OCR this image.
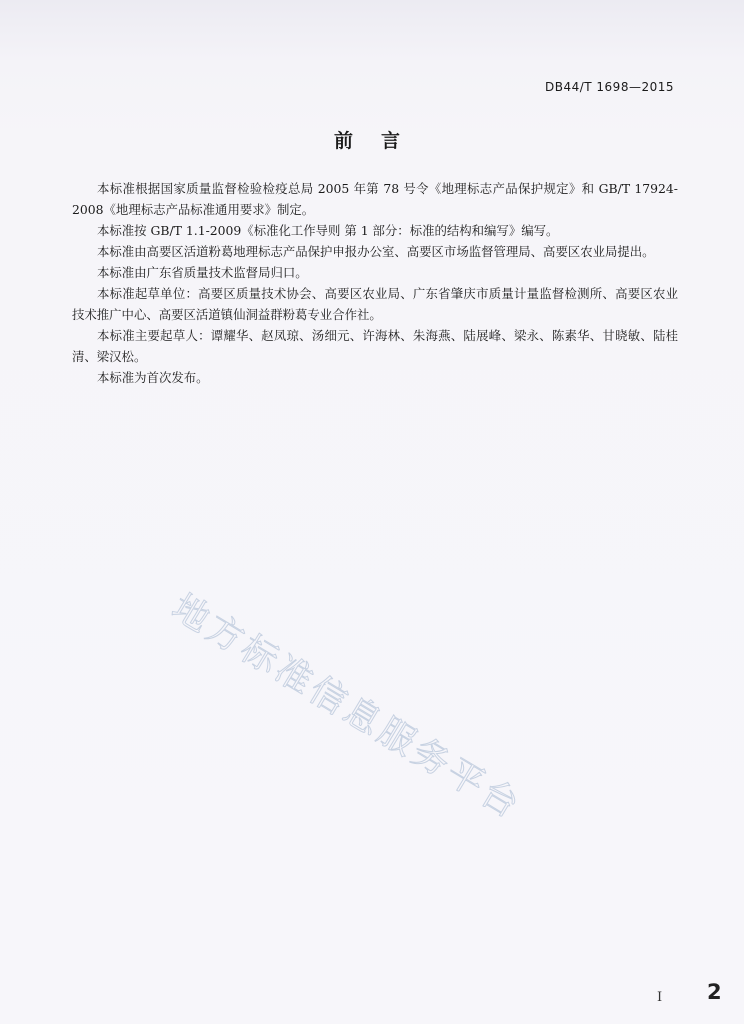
DB44/T 1698—2015
前言

本标准根据国家质量监督检验检疫总局 2005 年第 78 号令《地理标志产品保护规定》和 GB/T 17924-2008《地理标志产品标准通用要求》制定。

本标准按 GB/T 1.1-2009《标准化工作导则 第 1 部分：标准的结构和编写》编写。

本标准由高要区活道粉葛地理标志产品保护申报办公室、高要区市场监督管理局、高要区农业局提出。

本标准由广东省质量技术监督局归口。

本标准起草单位：高要区质量技术协会、高要区农业局、广东省肇庆市质量计量监督检测所、高要区农业技术推广中心、高要区活道镇仙洞益群粉葛专业合作社。

本标准主要起草人：谭耀华、赵凤琼、汤细元、许海林、朱海燕、陆展峰、梁永、陈素华、甘晓敏、陆桂清、梁汉松。

本标准为首次发布。

地方标准信息服务平台
I 2
